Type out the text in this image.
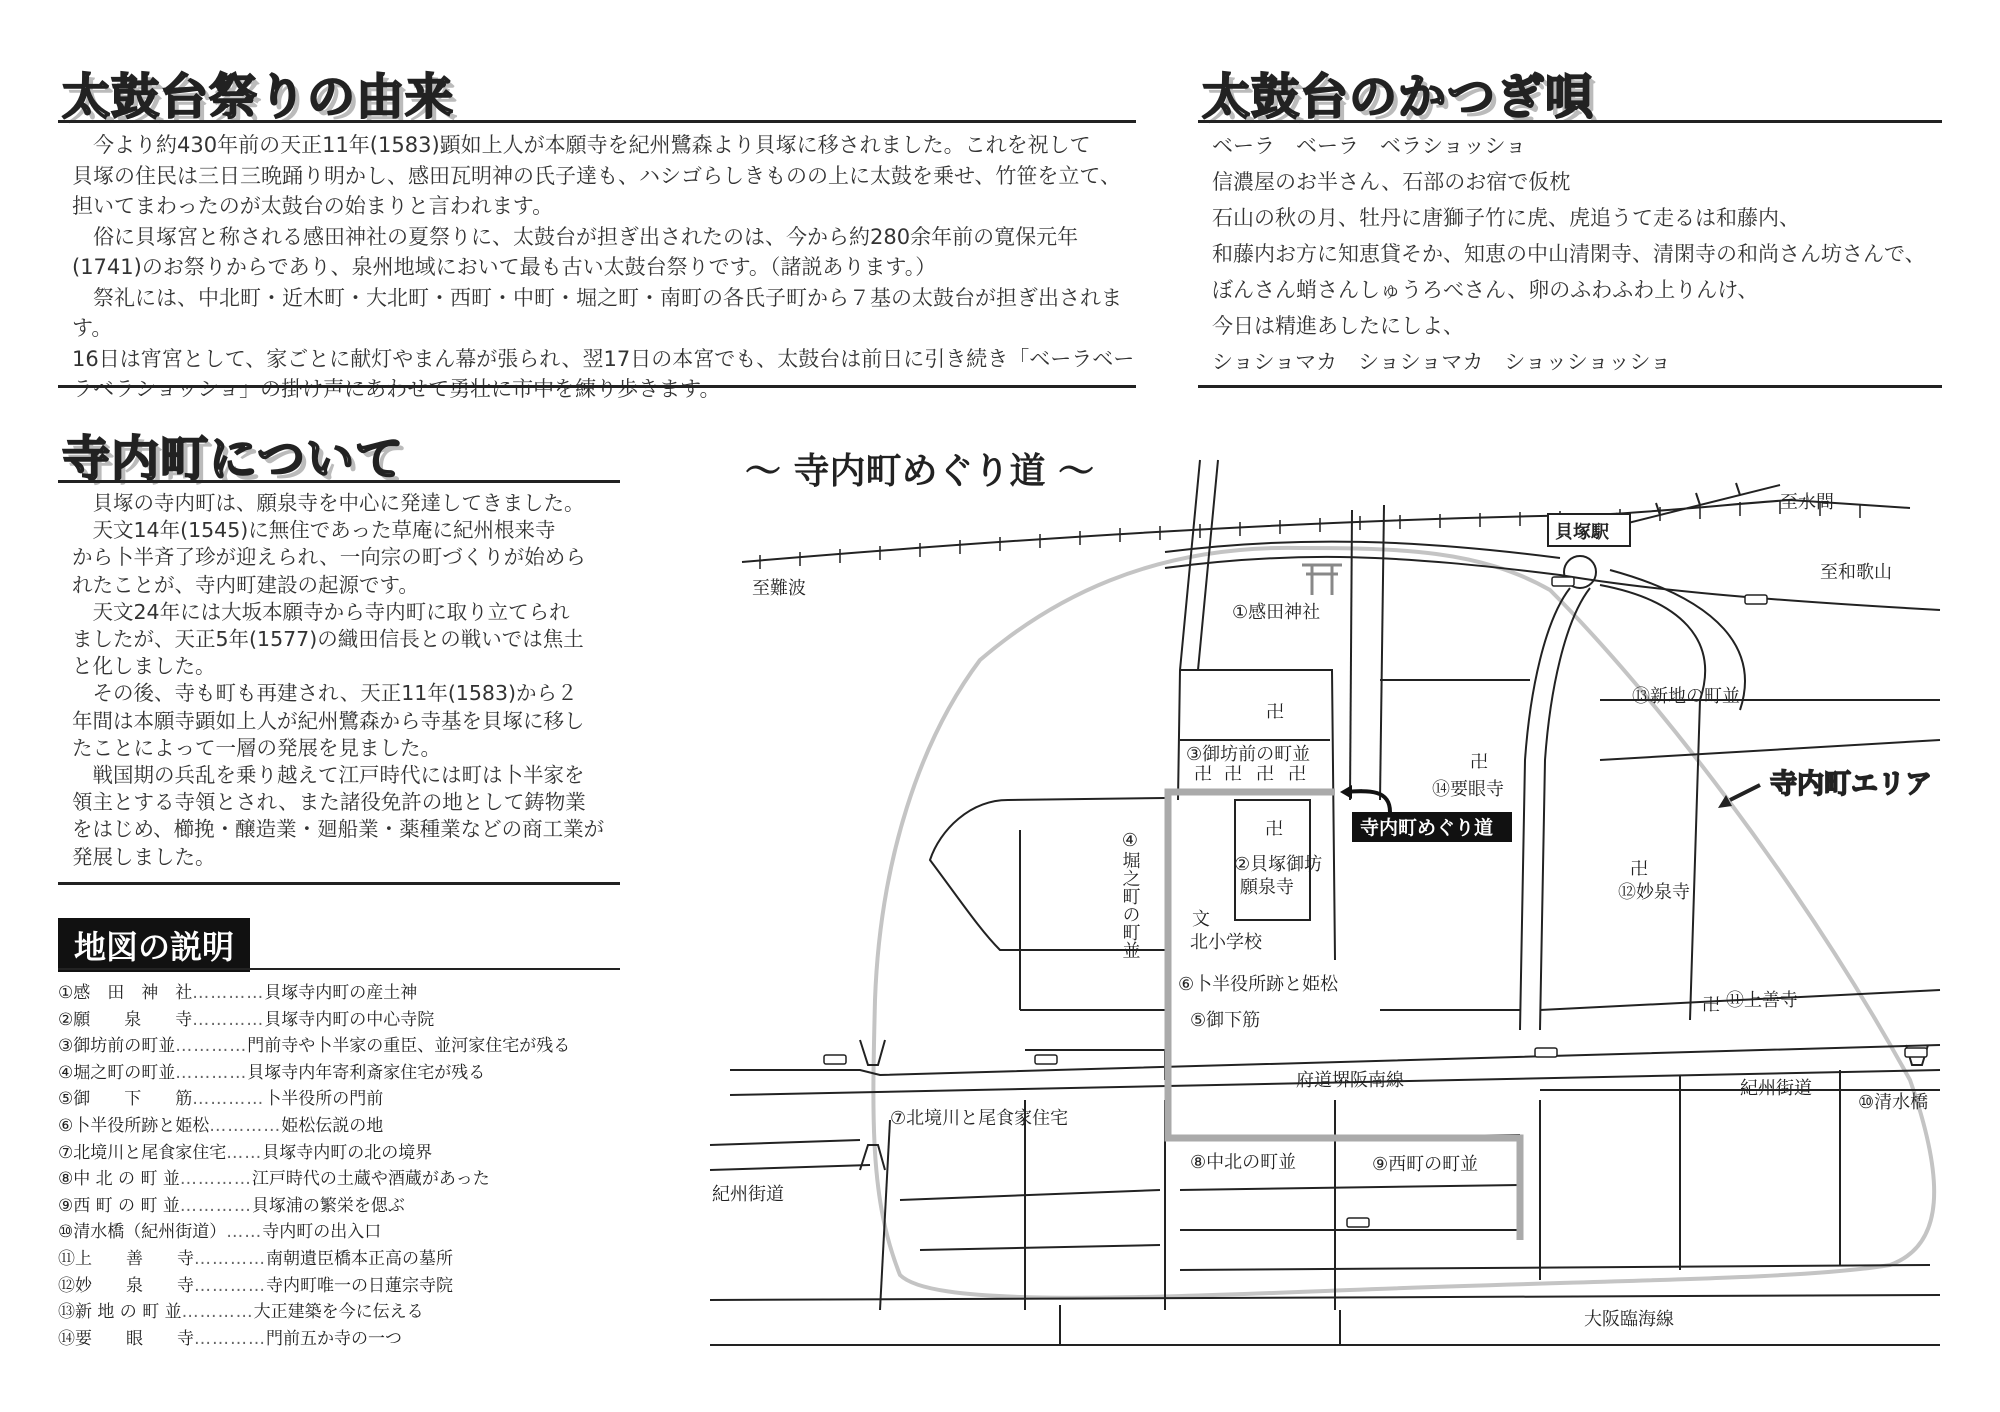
太鼓台祭りの由来
　今より約430年前の天正11年(1583)顕如上人が本願寺を紀州鷺森より貝塚に移されました。これを祝して
貝塚の住民は三日三晩踊り明かし、感田瓦明神の氏子達も、ハシゴらしきものの上に太鼓を乗せ、竹笹を立て、
担いてまわったのが太鼓台の始まりと言われます。
　俗に貝塚宮と称される感田神社の夏祭りに、太鼓台が担ぎ出されたのは、今から約280余年前の寛保元年
(1741)のお祭りからであり、泉州地域において最も古い太鼓台祭りです。（諸説あります。）
　祭礼には、中北町・近木町・大北町・西町・中町・堀之町・南町の各氏子町から７基の太鼓台が担ぎ出されます。
16日は宵宮として、家ごとに献灯やまん幕が張られ、翌17日の本宮でも、太鼓台は前日に引き続き「ベーラベー
ラベラショッショ」の掛け声にあわせて勇壮に市中を練り歩きます。
太鼓台のかつぎ唄
ベーラ　ベーラ　ベラショッショ
信濃屋のお半さん、石部のお宿で仮枕
石山の秋の月、牡丹に唐獅子竹に虎、虎追うて走るは和藤内、
和藤内お方に知恵貸そか、知恵の中山清閑寺、清閑寺の和尚さん坊さんで、
ぼんさん蛸さんしゅうろべさん、卵のふわふわ上りんけ、
今日は精進あしたにしよ、
ショショマカ　ショショマカ　ショッショッショ
寺内町について
　貝塚の寺内町は、願泉寺を中心に発達してきました。
　天文14年(1545)に無住であった草庵に紀州根来寺
から卜半斉了珍が迎えられ、一向宗の町づくりが始めら
れたことが、寺内町建設の起源です。
　天文24年には大坂本願寺から寺内町に取り立てられ
ましたが、天正5年(1577)の織田信長との戦いでは焦土
と化しました。
　その後、寺も町も再建され、天正11年(1583)から２
年間は本願寺顕如上人が紀州鷺森から寺基を貝塚に移し
たことによって一層の発展を見ました。
　戦国期の兵乱を乗り越えて江戸時代には町は卜半家を
領主とする寺領とされ、また諸役免許の地として鋳物業
をはじめ、櫛挽・醸造業・廻船業・薬種業などの商工業が
発展しました。
地図の説明
①感　田　神　社…………貝塚寺内町の産土神
②願　　泉　　寺…………貝塚寺内町の中心寺院
③御坊前の町並…………門前寺や卜半家の重臣、並河家住宅が残る
④堀之町の町並…………貝塚寺内年寄利斎家住宅が残る
⑤御　　下　　筋…………卜半役所の門前
⑥卜半役所跡と姫松…………姫松伝説の地
⑦北境川と尾食家住宅……貝塚寺内町の北の境界
⑧中 北 の 町 並…………江戸時代の土蔵や酒蔵があった
⑨西 町 の 町 並…………貝塚浦の繁栄を偲ぶ
⑩清水橋（紀州街道）……寺内町の出入口
⑪上　　善　　寺…………南朝遺臣橋本正高の墓所
⑫妙　　泉　　寺…………寺内町唯一の日蓮宗寺院
⑬新 地 の 町 並…………大正建築を今に伝える
⑭要　　眼　　寺…………門前五か寺の一つ
～ 寺内町めぐり道 ～
貝塚駅
至水間
至和歌山
至難波
卍
卍 卍 卍 卍
卍
卍
卍
卍
文
①感田神社
③御坊前の町並
②貝塚御坊
願泉寺
北小学校
⑥卜半役所跡と姫松
⑤御下筋
⑦北境川と尾食家住宅
⑧中北の町並	⑨西町の町並
⑭要眼寺
⑬新地の町並
⑫妙泉寺
⑪上善寺
⑩清水橋
④堀之町の町並
府道堺阪南線	紀州街道
紀州街道
大阪臨海線
寺内町めぐり道
寺内町エリア
